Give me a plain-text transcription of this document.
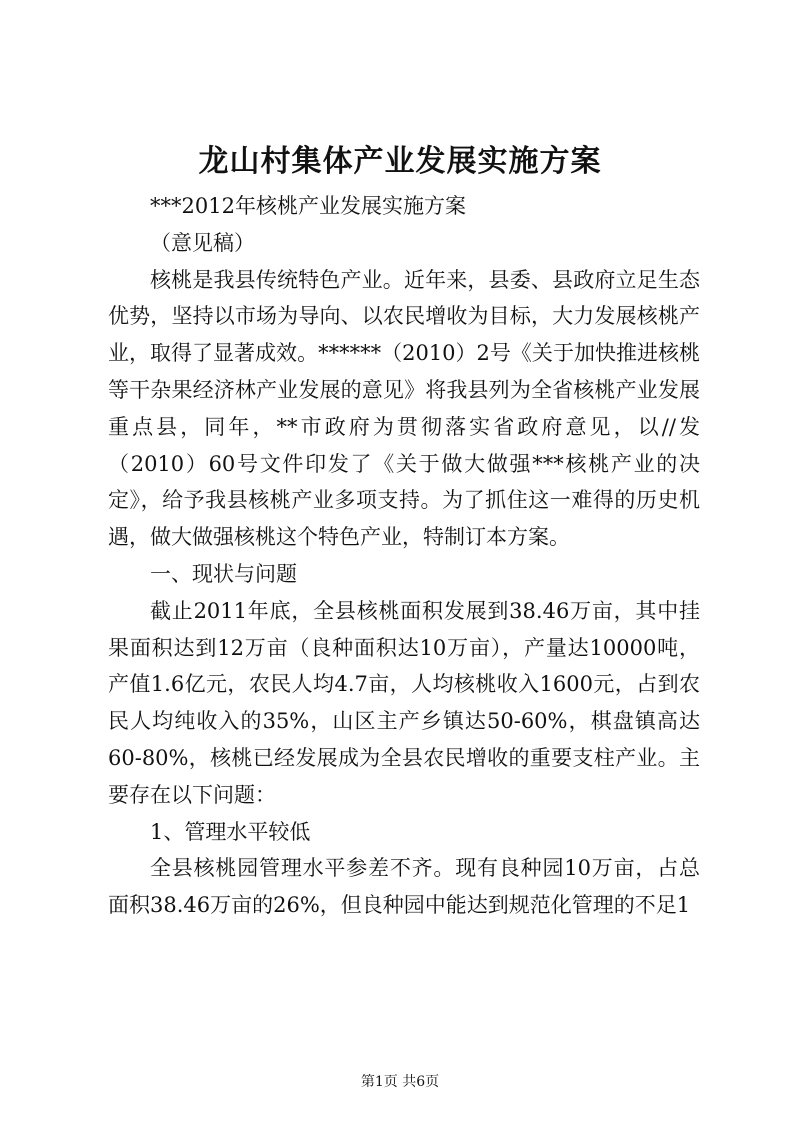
龙山村集体产业发展实施方案

***2012年核桃产业发展实施方案

（意见稿）

核桃是我县传统特色产业。近年来，县委、县政府立足生态优势，坚持以市场为导向、以农民增收为目标，大力发展核桃产业，取得了显著成效。******（2010）2号《关于加快推进核桃等干杂果经济林产业发展的意见》将我县列为全省核桃产业发展重点县，同年，**市政府为贯彻落实省政府意见，以//发（2010）60号文件印发了《关于做大做强***核桃产业的决定》，给予我县核桃产业多项支持。为了抓住这一难得的历史机遇，做大做强核桃这个特色产业，特制订本方案。

一、现状与问题

截止2011年底，全县核桃面积发展到38.46万亩，其中挂果面积达到12万亩（良种面积达10万亩），产量达10000吨，产值1.6亿元，农民人均4.7亩，人均核桃收入1600元，占到农民人均纯收入的35%，山区主产乡镇达50-60%，棋盘镇高达60-80%，核桃已经发展成为全县农民增收的重要支柱产业。主要存在以下问题：

1、管理水平较低

全县核桃园管理水平参差不齐。现有良种园10万亩，占总面积38.46万亩的26%，但良种园中能达到规范化管理的不足1

第1页 共6页
